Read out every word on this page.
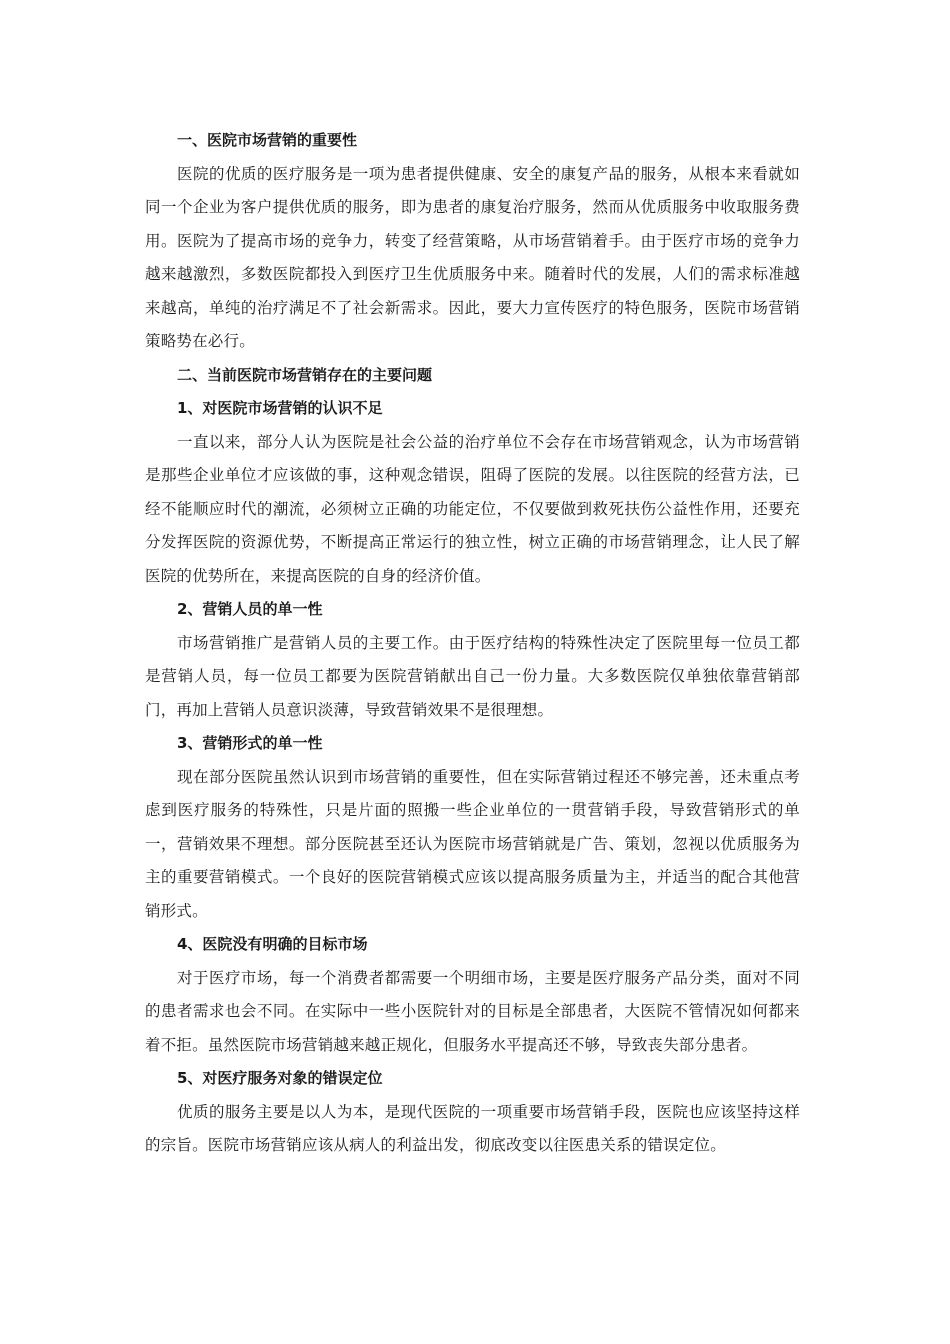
一、医院市场营销的重要性

医院的优质的医疗服务是一项为患者提供健康、安全的康复产品的服务，从根本来看就如同一个企业为客户提供优质的服务，即为患者的康复治疗服务，然而从优质服务中收取服务费用。医院为了提高市场的竞争力，转变了经营策略，从市场营销着手。由于医疗市场的竞争力越来越激烈，多数医院都投入到医疗卫生优质服务中来。随着时代的发展，人们的需求标准越来越高，单纯的治疗满足不了社会新需求。因此，要大力宣传医疗的特色服务，医院市场营销策略势在必行。

二、当前医院市场营销存在的主要问题
1、对医院市场营销的认识不足

一直以来，部分人认为医院是社会公益的治疗单位不会存在市场营销观念，认为市场营销是那些企业单位才应该做的事，这种观念错误，阻碍了医院的发展。以往医院的经营方法，已经不能顺应时代的潮流，必须树立正确的功能定位，不仅要做到救死扶伤公益性作用，还要充分发挥医院的资源优势，不断提高正常运行的独立性，树立正确的市场营销理念，让人民了解医院的优势所在，来提高医院的自身的经济价值。

2、营销人员的单一性

市场营销推广是营销人员的主要工作。由于医疗结构的特殊性决定了医院里每一位员工都是营销人员，每一位员工都要为医院营销献出自己一份力量。大多数医院仅单独依靠营销部门，再加上营销人员意识淡薄，导致营销效果不是很理想。

3、营销形式的单一性

现在部分医院虽然认识到市场营销的重要性，但在实际营销过程还不够完善，还未重点考虑到医疗服务的特殊性，只是片面的照搬一些企业单位的一贯营销手段，导致营销形式的单一，营销效果不理想。部分医院甚至还认为医院市场营销就是广告、策划，忽视以优质服务为主的重要营销模式。一个良好的医院营销模式应该以提高服务质量为主，并适当的配合其他营销形式。

4、医院没有明确的目标市场

对于医疗市场，每一个消费者都需要一个明细市场，主要是医疗服务产品分类，面对不同的患者需求也会不同。在实际中一些小医院针对的目标是全部患者，大医院不管情况如何都来着不拒。虽然医院市场营销越来越正规化，但服务水平提高还不够，导致丧失部分患者。

5、对医疗服务对象的错误定位

优质的服务主要是以人为本，是现代医院的一项重要市场营销手段，医院也应该坚持这样的宗旨。医院市场营销应该从病人的利益出发，彻底改变以往医患关系的错误定位。
